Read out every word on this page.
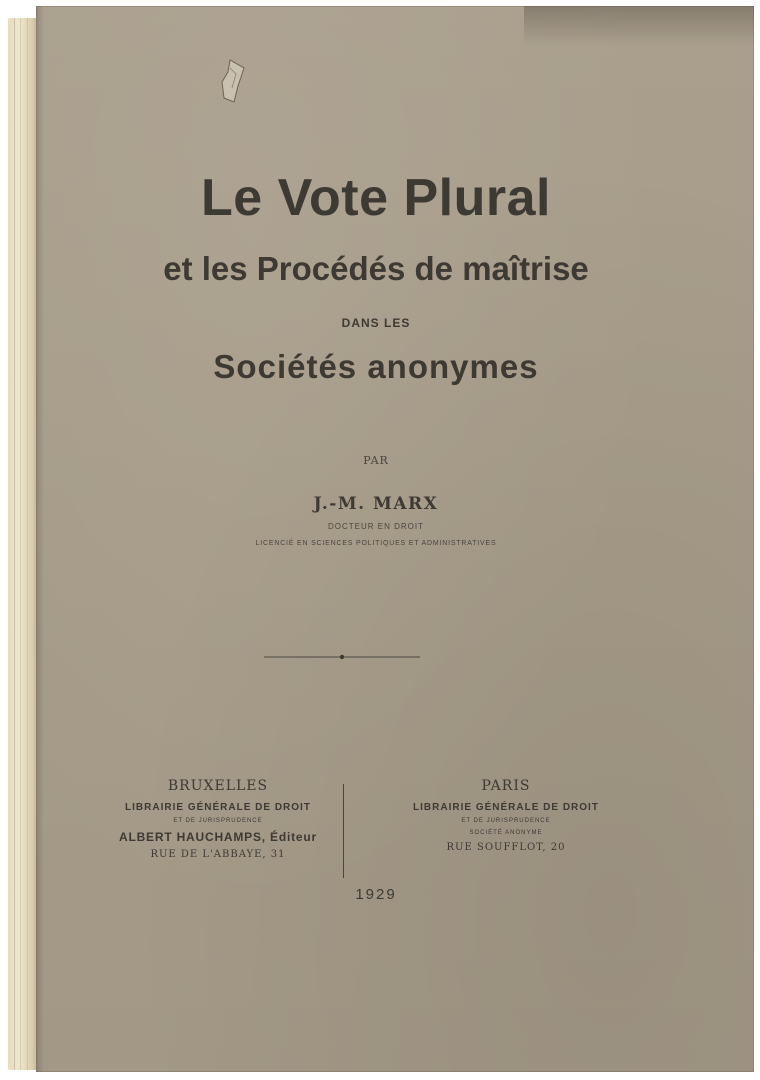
Le Vote Plural
et les Procédés de maîtrise
DANS LES
Sociétés anonymes
PAR
J.-M. MARX
DOCTEUR EN DROIT
LICENCIÉ EN SCIENCES POLITIQUES ET ADMINISTRATIVES
BRUXELLES
LIBRAIRIE GÉNÉRALE DE DROIT
ET DE JURISPRUDENCE
ALBERT HAUCHAMPS, Éditeur
RUE DE L'ABBAYE, 31
PARIS
LIBRAIRIE GÉNÉRALE DE DROIT
ET DE JURISPRUDENCE
SOCIÉTÉ ANONYME
RUE SOUFFLOT, 20
1929
